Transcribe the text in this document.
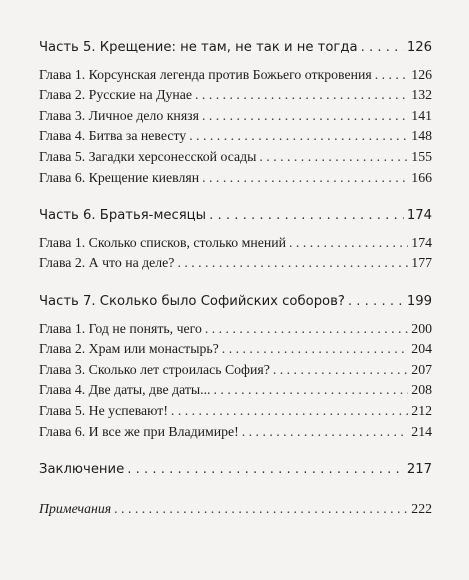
Часть 5. Крещение: не там, не так и не тогда . . .	126
Глава 1. Корсунская легенда против Божьего откровения . . .	126
Глава 2. Русские на Дунае . . .	132
Глава 3. Личное дело князя . . .	141
Глава 4. Битва за невесту . . .	148
Глава 5. Загадки херсонесской осады . . .	155
Глава 6. Крещение киевлян . . .	166
Часть 6. Братья-месяцы . . .	174
Глава 1. Сколько списков, столько мнений . . .	174
Глава 2. А что на деле? . . .	177
Часть 7. Сколько было Софийских соборов? . . .	199
Глава 1. Год не понять, чего . . .	200
Глава 2. Храм или монастырь? . . .	204
Глава 3. Сколько лет строилась София? . . .	207
Глава 4. Две даты, две даты... . . .	208
Глава 5. Не успевают! . . .	212
Глава 6. И все же при Владимире! . . .	214
Заключение . . .	217
Примечания . . .	222
